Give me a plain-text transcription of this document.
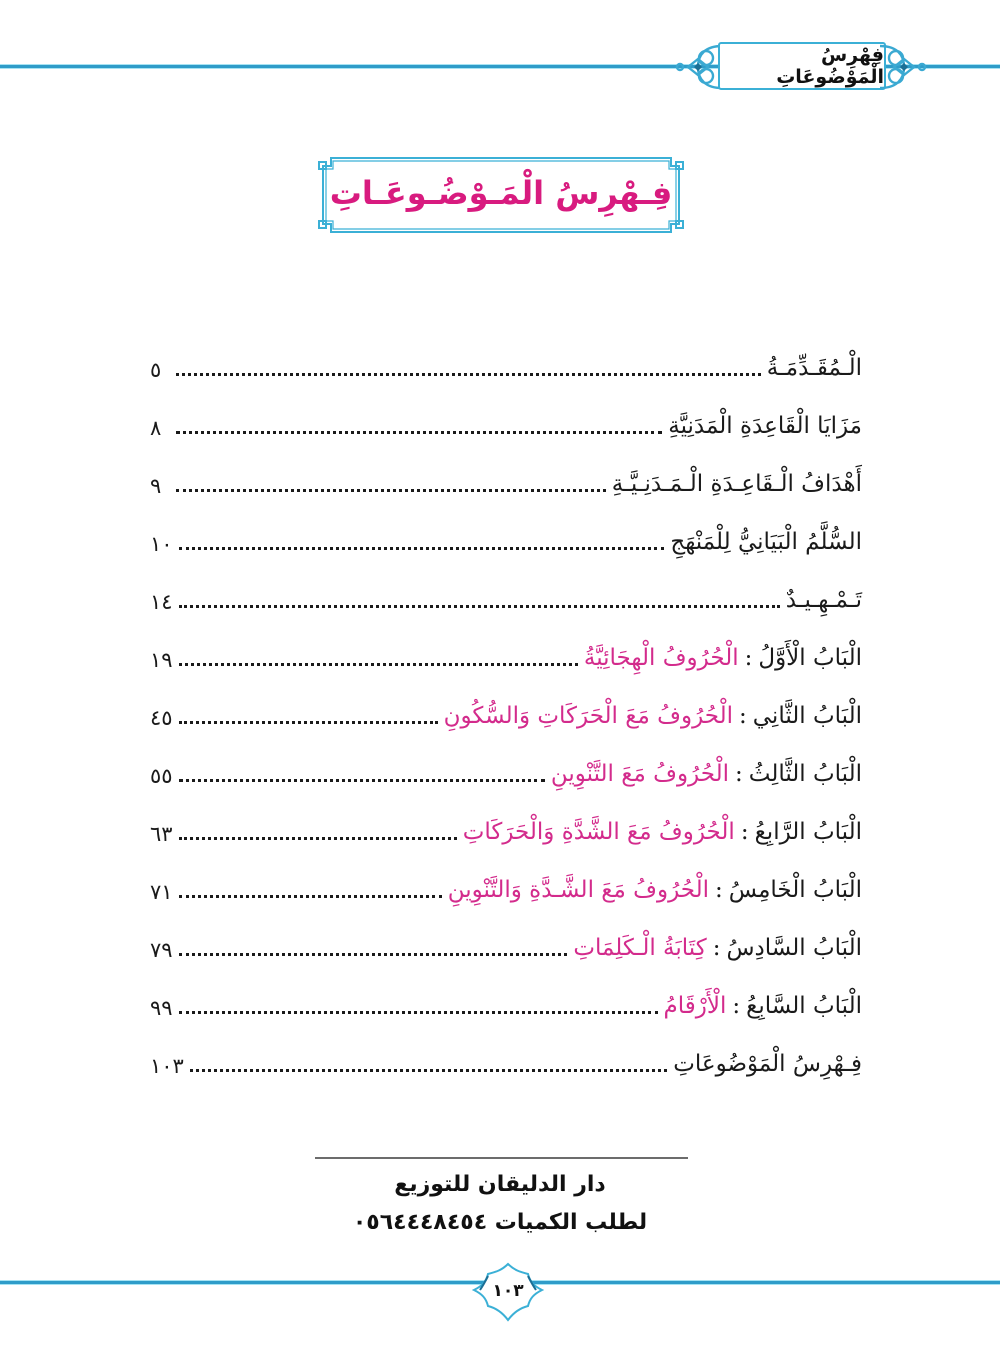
فِهْرِسُ الْمَوْضُوعَاتِ
فِـهْرِسُ الْمَـوْضُـوعَـاتِ
الْـمُقَـدِّمَـةُ
٥
مَزَايَا الْقَاعِدَةِ الْمَدَنِيَّةِ
٨
أَهْدَافُ الْـقَاعِـدَةِ الْـمَـدَنِـيَّـةِ
٩
السُّلَّمُ الْبَيَانِيُّ لِلْمَنْهَجِ
١٠
تَـمْـهِـيـدٌ
١٤
الْبَابُ الْأَوَّلُ:الْحُرُوفُ الْهِجَائِيَّةُ
١٩
الْبَابُ الثَّانِي:الْحُرُوفُ مَعَ الْحَرَكَاتِ وَالسُّكُونِ
٤٥
الْبَابُ الثَّالِثُ:الْحُرُوفُ مَعَ التَّنْوِينِ
٥٥
الْبَابُ الرَّابِعُ:الْحُرُوفُ مَعَ الشَّدَّةِ وَالْحَرَكَاتِ
٦٣
الْبَابُ الْخَامِسُ:الْحُرُوفُ مَعَ الشَّـدَّةِ وَالتَّنْوِينِ
٧١
الْبَابُ السَّادِسُ:كِتَابَةُ الْـكَلِمَاتِ
٧٩
الْبَابُ السَّابِعُ:الْأَرْقَامُ
٩٩
فِـهْرِسُ الْمَوْضُوعَاتِ
١٠٣
دار الدليقان للتوزيع
لطلب الكميات ٠٥٦٤٤٤٨٤٥٤
١٠٣
